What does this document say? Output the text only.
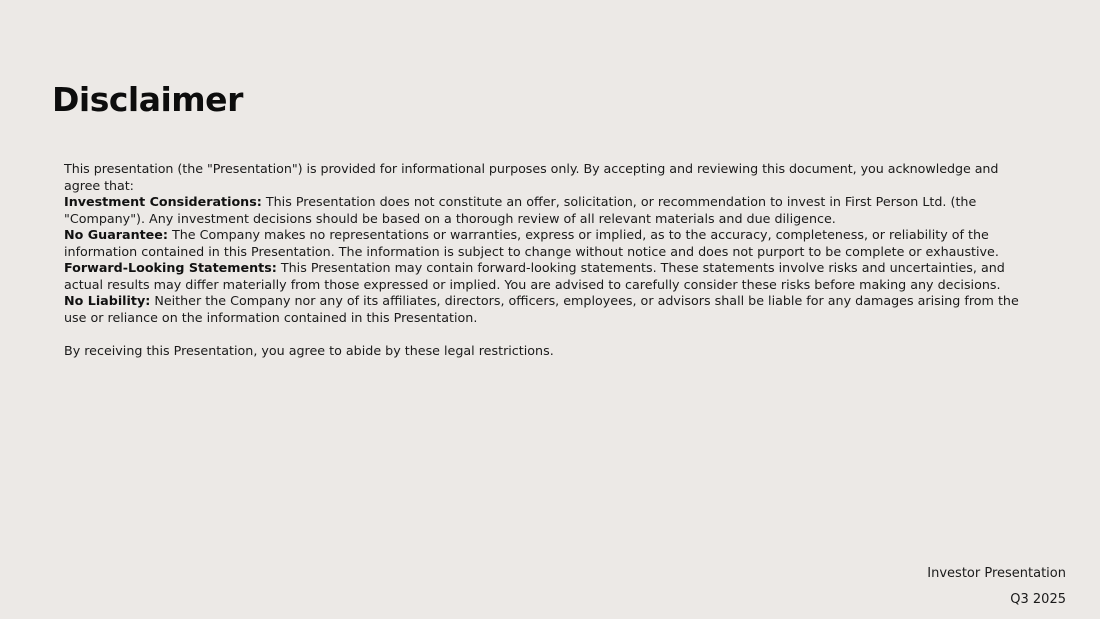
Disclaimer

This presentation (the "Presentation") is provided for informational purposes only. By accepting and reviewing this document, you acknowledge and agree that:

Investment Considerations: This Presentation does not constitute an offer, solicitation, or recommendation to invest in First Person Ltd. (the "Company"). Any investment decisions should be based on a thorough review of all relevant materials and due diligence.

No Guarantee: The Company makes no representations or warranties, express or implied, as to the accuracy, completeness, or reliability of the information contained in this Presentation. The information is subject to change without notice and does not purport to be complete or exhaustive.

Forward-Looking Statements: This Presentation may contain forward-looking statements. These statements involve risks and uncertainties, and actual results may differ materially from those expressed or implied. You are advised to carefully consider these risks before making any decisions.

No Liability: Neither the Company nor any of its affiliates, directors, officers, employees, or advisors shall be liable for any damages arising from the use or reliance on the information contained in this Presentation.

By receiving this Presentation, you agree to abide by these legal restrictions.

Investor Presentation
Q3 2025
